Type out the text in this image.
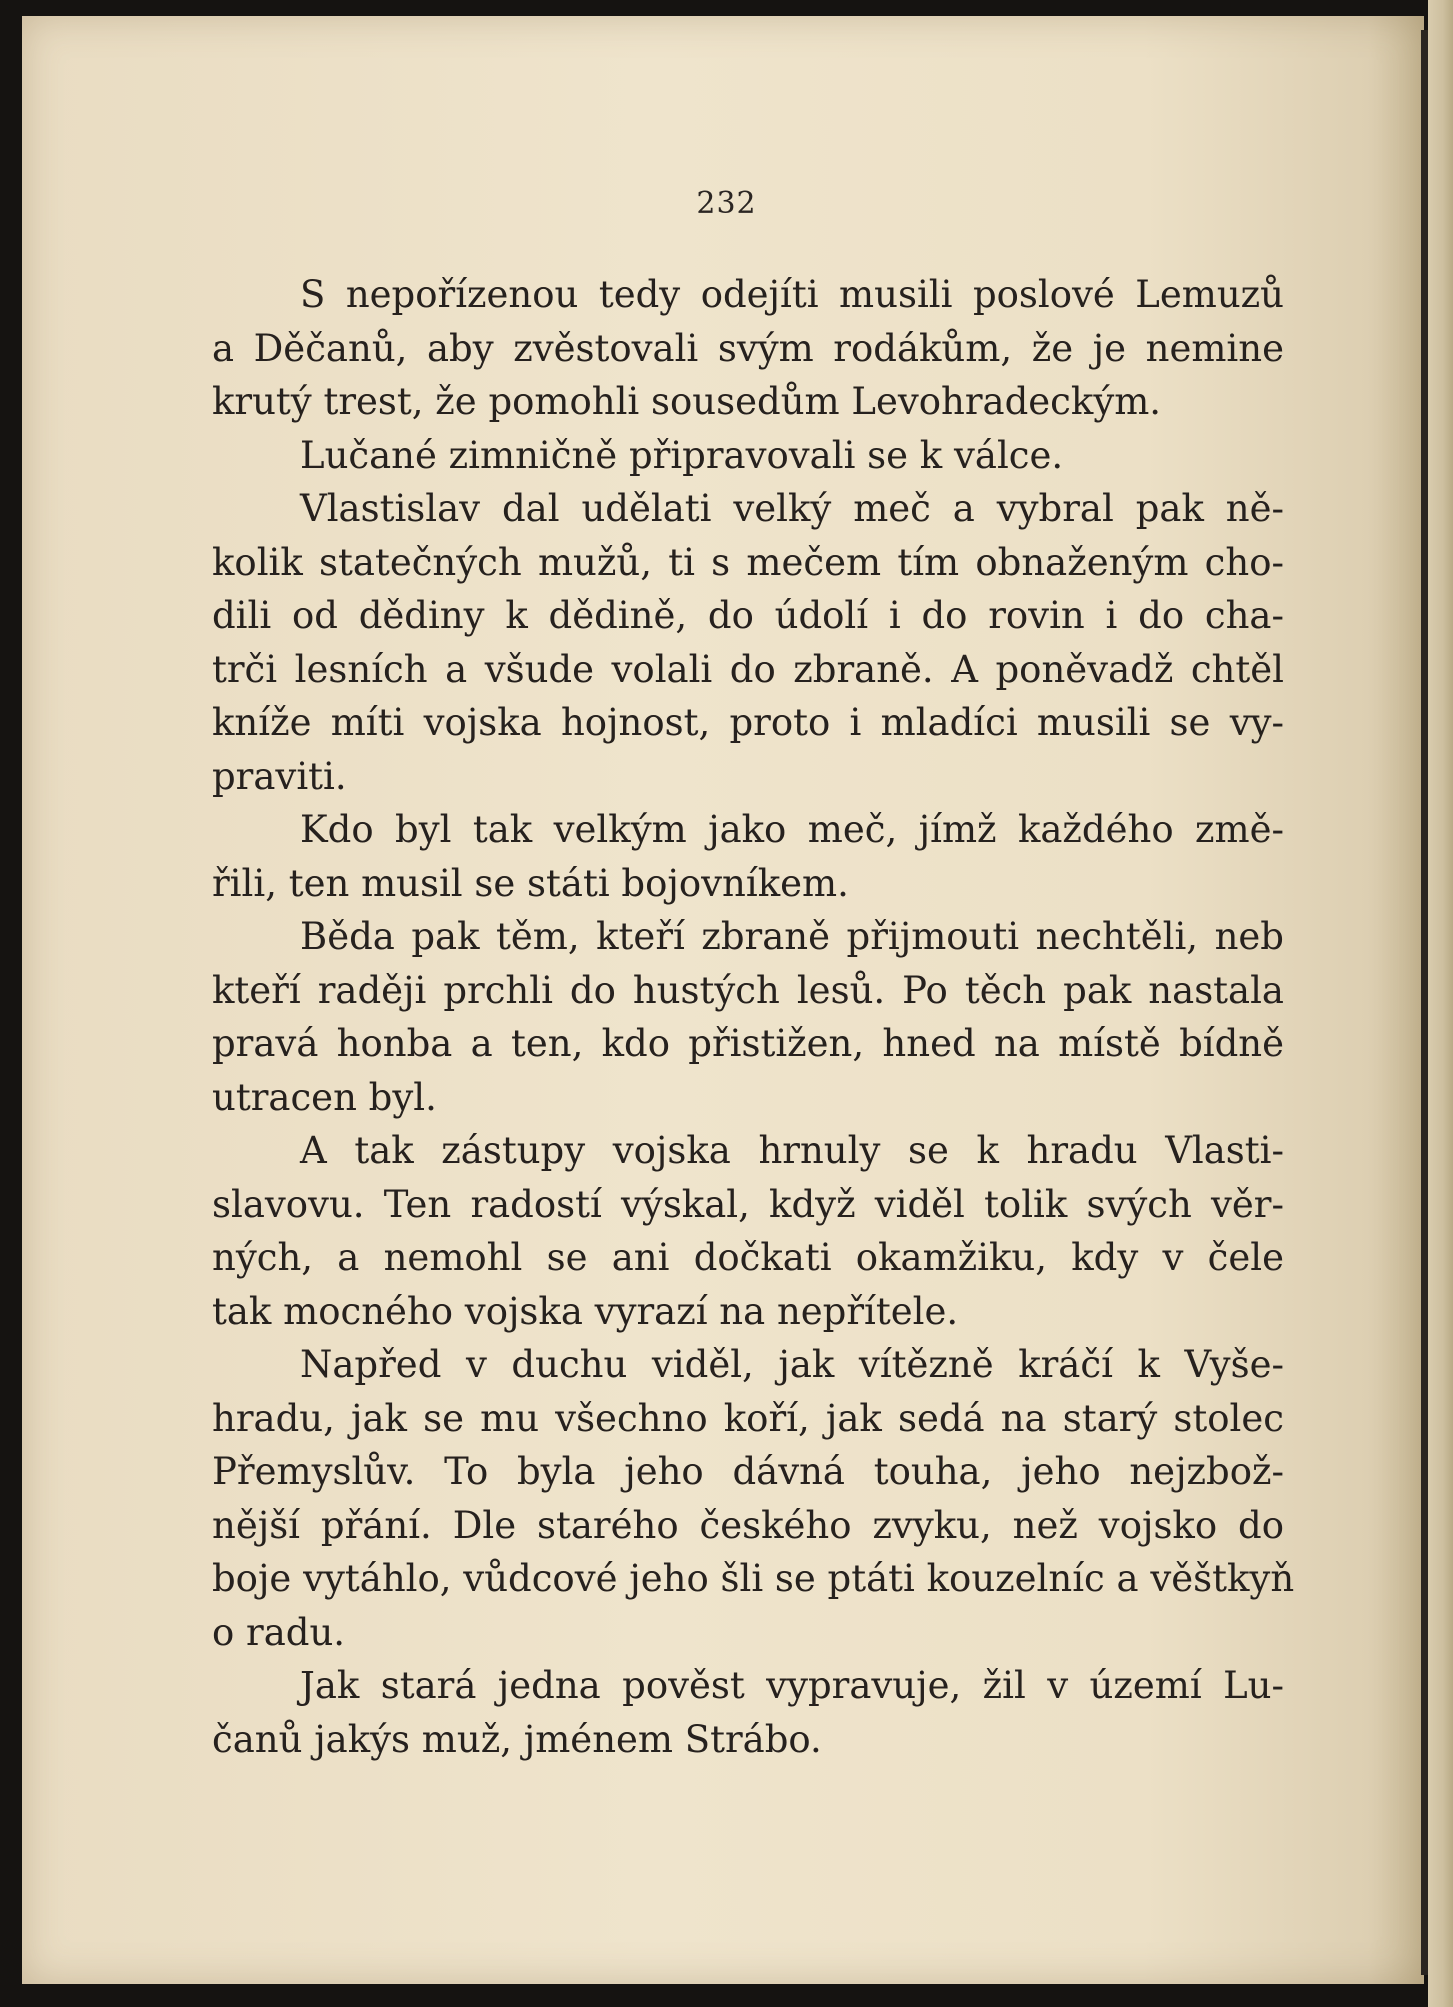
232

S nepořízenou tedy odejíti musili poslové Lemuzů
a Děčanů, aby zvěstovali svým rodákům, že je nemine
krutý trest, že pomohli sousedům Levohradeckým.
Lučané zimničně připravovali se k válce.
Vlastislav dal udělati velký meč a vybral pak ně-
kolik statečných mužů, ti s mečem tím obnaženým cho-
dili od dědiny k dědině, do údolí i do rovin i do cha-
trči lesních a všude volali do zbraně. A poněvadž chtěl
kníže míti vojska hojnost, proto i mladíci musili se vy-
praviti.
Kdo byl tak velkým jako meč, jímž každého změ-
řili, ten musil se státi bojovníkem.
Běda pak těm, kteří zbraně přijmouti nechtěli, neb
kteří raději prchli do hustých lesů. Po těch pak nastala
pravá honba a ten, kdo přistižen, hned na místě bídně
utracen byl.
A tak zástupy vojska hrnuly se k hradu Vlasti-
slavovu. Ten radostí výskal, když viděl tolik svých věr-
ných, a nemohl se ani dočkati okamžiku, kdy v čele
tak mocného vojska vyrazí na nepřítele.
Napřed v duchu viděl, jak vítězně kráčí k Vyše-
hradu, jak se mu všechno koří, jak sedá na starý stolec
Přemyslův. To byla jeho dávná touha, jeho nejzbož-
nější přání. Dle starého českého zvyku, než vojsko do
boje vytáhlo, vůdcové jeho šli se ptáti kouzelníc a věštkyň
o radu.
Jak stará jedna pověst vypravuje, žil v území Lu-
čanů jakýs muž, jménem Strábo.
